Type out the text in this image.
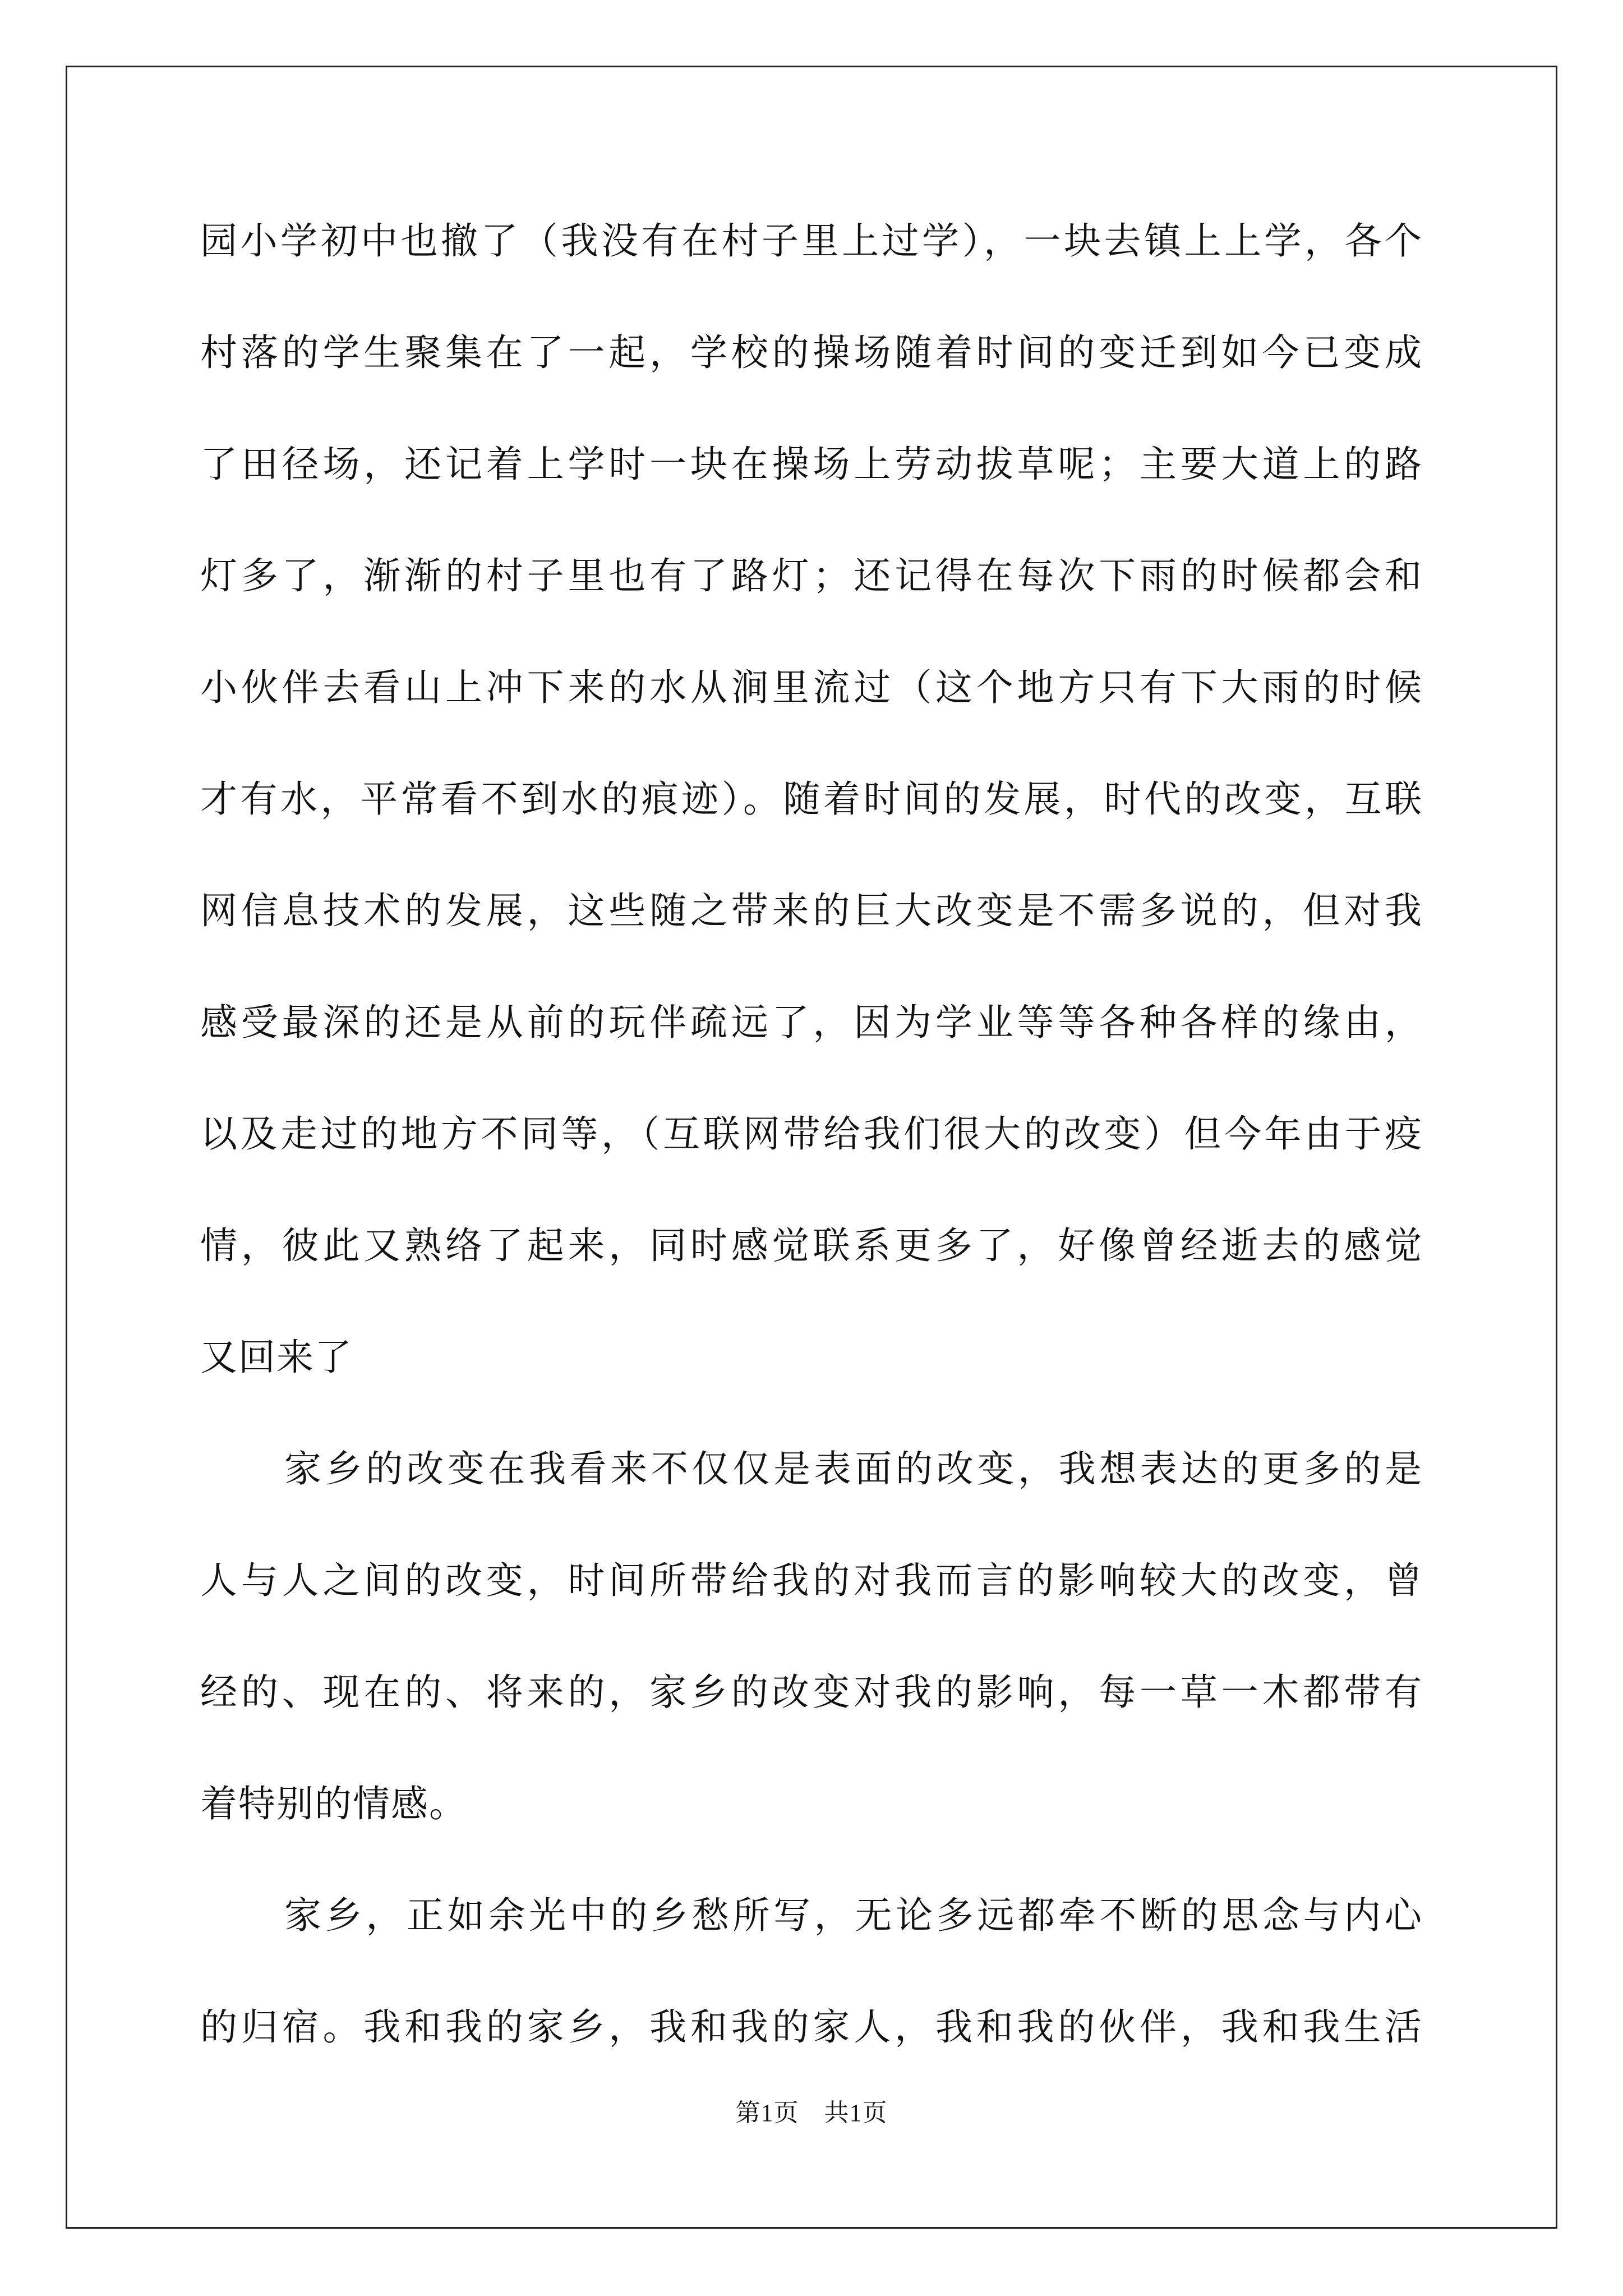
园小学初中也撤了（我没有在村子里上过学），一块去镇上上学，各个
村落的学生聚集在了一起，学校的操场随着时间的变迁到如今已变成
了田径场，还记着上学时一块在操场上劳动拔草呢；主要大道上的路
灯多了，渐渐的村子里也有了路灯；还记得在每次下雨的时候都会和
小伙伴去看山上冲下来的水从涧里流过（这个地方只有下大雨的时候
才有水，平常看不到水的痕迹）。随着时间的发展，时代的改变，互联
网信息技术的发展，这些随之带来的巨大改变是不需多说的，但对我
感受最深的还是从前的玩伴疏远了，因为学业等等各种各样的缘由，
以及走过的地方不同等，（互联网带给我们很大的改变）但今年由于疫
情，彼此又熟络了起来，同时感觉联系更多了，好像曾经逝去的感觉
又回来了

家乡的改变在我看来不仅仅是表面的改变，我想表达的更多的是
人与人之间的改变，时间所带给我的对我而言的影响较大的改变，曾
经的、现在的、将来的，家乡的改变对我的影响，每一草一木都带有
着特别的情感。

家乡，正如余光中的乡愁所写，无论多远都牵不断的思念与内心
的归宿。我和我的家乡，我和我的家人，我和我的伙伴，我和我生活

第1页　共1页
